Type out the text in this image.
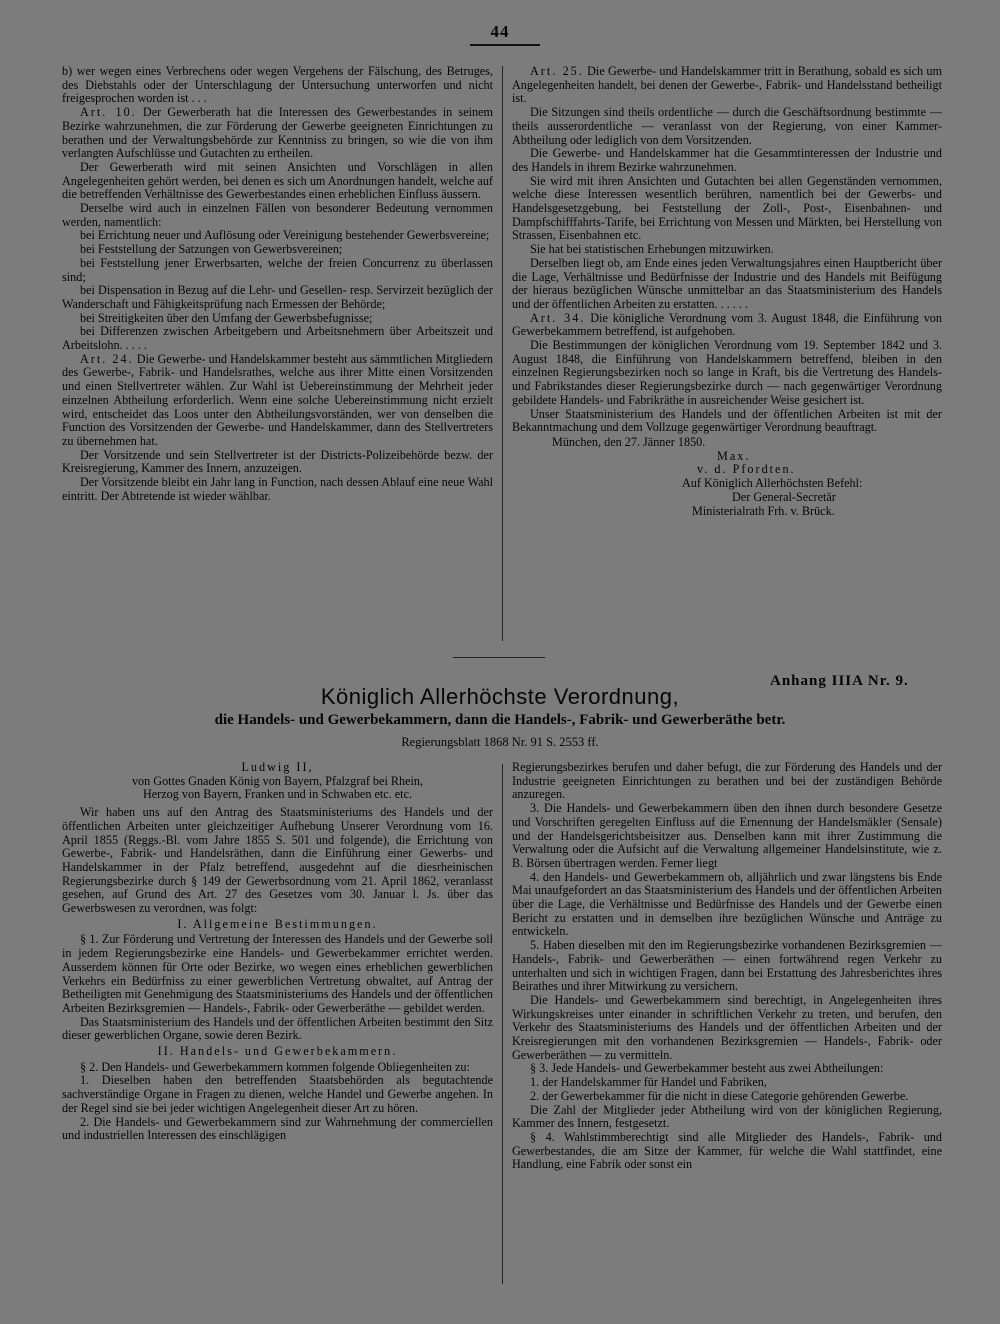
44

b) wer wegen eines Verbrechens oder wegen Vergehens der Fälschung, des Betruges, des Diebstahls oder der Unterschlagung der Untersuchung unterworfen und nicht freigesprochen worden ist . . .

Art. 10. Der Gewerberath hat die Interessen des Gewerbestandes in seinem Bezirke wahrzunehmen, die zur Förderung der Gewerbe geeigneten Einrichtungen zu berathen und der Verwaltungsbehörde zur Kenntniss zu bringen, so wie die von ihm verlangten Aufschlüsse und Gutachten zu ertheilen.

Der Gewerberath wird mit seinen Ansichten und Vorschlägen in allen Angelegenheiten gehört werden, bei denen es sich um Anordnungen handelt, welche auf die betreffenden Verhältnisse des Gewerbestandes einen erheblichen Einfluss äussern.

Derselbe wird auch in einzelnen Fällen von besonderer Bedeutung vernommen werden, namentlich:

bei Errichtung neuer und Auflösung oder Vereinigung bestehender Gewerbsvereine;

bei Feststellung der Satzungen von Gewerbsvereinen;

bei Feststellung jener Erwerbsarten, welche der freien Concurrenz zu überlassen sind;

bei Dispensation in Bezug auf die Lehr- und Gesellen- resp. Servirzeit bezüglich der Wanderschaft und Fähigkeitsprüfung nach Ermessen der Behörde;

bei Streitigkeiten über den Umfang der Gewerbsbefugnisse;

bei Differenzen zwischen Arbeitgebern und Arbeitsnehmern über Arbeitszeit und Arbeitslohn. . . . .

Art. 24. Die Gewerbe- und Handelskammer besteht aus sämmtlichen Mitgliedern des Gewerbe-, Fabrik- und Handelsrathes, welche aus ihrer Mitte einen Vorsitzenden und einen Stellvertreter wählen. Zur Wahl ist Uebereinstimmung der Mehrheit jeder einzelnen Abtheilung erforderlich. Wenn eine solche Uebereinstimmung nicht erzielt wird, entscheidet das Loos unter den Abtheilungsvorständen, wer von denselben die Function des Vorsitzenden der Gewerbe- und Handelskammer, dann des Stellvertreters zu übernehmen hat.

Der Vorsitzende und sein Stellvertreter ist der Districts-Polizeibehörde bezw. der Kreisregierung, Kammer des Innern, anzuzeigen.

Der Vorsitzende bleibt ein Jahr lang in Function, nach dessen Ablauf eine neue Wahl eintritt. Der Abtretende ist wieder wählbar.

Art. 25. Die Gewerbe- und Handelskammer tritt in Berathung, sobald es sich um Angelegenheiten handelt, bei denen der Gewerbe-, Fabrik- und Handelsstand betheiligt ist.

Die Sitzungen sind theils ordentliche — durch die Geschäftsordnung bestimmte — theils ausserordentliche — veranlasst von der Regierung, von einer Kammer-Abtheilung oder lediglich von dem Vorsitzenden.

Die Gewerbe- und Handelskammer hat die Gesammtinteressen der Industrie und des Handels in ihrem Bezirke wahrzunehmen.

Sie wird mit ihren Ansichten und Gutachten bei allen Gegenständen vernommen, welche diese Interessen wesentlich berühren, namentlich bei der Gewerbs- und Handelsgesetzgebung, bei Feststellung der Zoll-, Post-, Eisenbahnen- und Dampfschifffahrts-Tarife, bei Errichtung von Messen und Märkten, bei Herstellung von Strassen, Eisenbahnen etc.

Sie hat bei statistischen Erhebungen mitzuwirken.

Derselben liegt ob, am Ende eines jeden Verwaltungsjahres einen Hauptbericht über die Lage, Verhältnisse und Bedürfnisse der Industrie und des Handels mit Beifügung der hieraus bezüglichen Wünsche unmittelbar an das Staatsministerium des Handels und der öffentlichen Arbeiten zu erstatten. . . . . .

Art. 34. Die königliche Verordnung vom 3. August 1848, die Einführung von Gewerbekammern betreffend, ist aufgehoben.

Die Bestimmungen der königlichen Verordnung vom 19. September 1842 und 3. August 1848, die Einführung von Handelskammern betreffend, bleiben in den einzelnen Regierungsbezirken noch so lange in Kraft, bis die Vertretung des Handels- und Fabrikstandes dieser Regierungsbezirke durch — nach gegenwärtiger Verordnung gebildete Handels- und Fabrikräthe in ausreichender Weise gesichert ist.

Unser Staatsministerium des Handels und der öffentlichen Arbeiten ist mit der Bekanntmachung und dem Vollzuge gegenwärtiger Verordnung beauftragt.

München, den 27. Jänner 1850.

Max.

v. d. Pfordten.

Auf Königlich Allerhöchsten Befehl:

Der General-Secretär

Ministerialrath Frh. v. Brück.

Anhang IIIA Nr. 9.
Königlich Allerhöchste Verordnung,
die Handels- und Gewerbekammern, dann die Handels-, Fabrik- und Gewerberäthe betr.
Regierungsblatt 1868 Nr. 91 S. 2553 ff.

Ludwig II,

von Gottes Gnaden König von Bayern, Pfalzgraf bei Rhein,

Herzog von Bayern, Franken und in Schwaben etc. etc.

Wir haben uns auf den Antrag des Staatsministeriums des Handels und der öffentlichen Arbeiten unter gleichzeitiger Aufhebung Unserer Verordnung vom 16. April 1855 (Reggs.-Bl. vom Jahre 1855 S. 501 und folgende), die Errichtung von Gewerbe-, Fabrik- und Handelsräthen, dann die Einführung einer Gewerbs- und Handelskammer in der Pfalz betreffend, ausgedehnt auf die diesrheinischen Regierungsbezirke durch § 149 der Gewerbsordnung vom 21. April 1862, veranlasst gesehen, auf Grund des Art. 27 des Gesetzes vom 30. Januar l. Js. über das Gewerbswesen zu verordnen, was folgt:

I. Allgemeine Bestimmungen.

§ 1. Zur Förderung und Vertretung der Interessen des Handels und der Gewerbe soll in jedem Regierungsbezirke eine Handels- und Gewerbekammer errichtet werden. Ausserdem können für Orte oder Bezirke, wo wegen eines erheblichen gewerblichen Verkehrs ein Bedürfniss zu einer gewerblichen Vertretung obwaltet, auf Antrag der Betheiligten mit Genehmigung des Staatsministeriums des Handels und der öffentlichen Arbeiten Bezirksgremien — Handels-, Fabrik- oder Gewerberäthe — gebildet werden.

Das Staatsministerium des Handels und der öffentlichen Arbeiten bestimmt den Sitz dieser gewerblichen Organe, sowie deren Bezirk.

II. Handels- und Gewerbekammern.

§ 2. Den Handels- und Gewerbekammern kommen folgende Obliegenheiten zu:

1. Dieselben haben den betreffenden Staatsbehörden als begutachtende sachverständige Organe in Fragen zu dienen, welche Handel und Gewerbe angehen. In der Regel sind sie bei jeder wichtigen Angelegenheit dieser Art zu hören.

2. Die Handels- und Gewerbekammern sind zur Wahrnehmung der commerciellen und industriellen Interessen des einschlägigen

Regierungsbezirkes berufen und daher befugt, die zur Förderung des Handels und der Industrie geeigneten Einrichtungen zu berathen und bei der zuständigen Behörde anzuregen.

3. Die Handels- und Gewerbekammern üben den ihnen durch besondere Gesetze und Vorschriften geregelten Einfluss auf die Ernennung der Handelsmäkler (Sensale) und der Handelsgerichtsbeisitzer aus. Denselben kann mit ihrer Zustimmung die Verwaltung oder die Aufsicht auf die Verwaltung allgemeiner Handelsinstitute, wie z. B. Börsen übertragen werden. Ferner liegt

4. den Handels- und Gewerbekammern ob, alljährlich und zwar längstens bis Ende Mai unaufgefordert an das Staatsministerium des Handels und der öffentlichen Arbeiten über die Lage, die Verhältnisse und Bedürfnisse des Handels und der Gewerbe einen Bericht zu erstatten und in demselben ihre bezüglichen Wünsche und Anträge zu entwickeln.

5. Haben dieselben mit den im Regierungsbezirke vorhandenen Bezirksgremien — Handels-, Fabrik- und Gewerberäthen — einen fortwährend regen Verkehr zu unterhalten und sich in wichtigen Fragen, dann bei Erstattung des Jahresberichtes ihres Beirathes und ihrer Mitwirkung zu versichern.

Die Handels- und Gewerbekammern sind berechtigt, in Angelegenheiten ihres Wirkungskreises unter einander in schriftlichen Verkehr zu treten, und berufen, den Verkehr des Staatsministeriums des Handels und der öffentlichen Arbeiten und der Kreisregierungen mit den vorhandenen Bezirksgremien — Handels-, Fabrik- oder Gewerberäthen — zu vermitteln.

§ 3. Jede Handels- und Gewerbekammer besteht aus zwei Abtheilungen:

1. der Handelskammer für Handel und Fabriken,

2. der Gewerbekammer für die nicht in diese Categorie gehörenden Gewerbe.

Die Zahl der Mitglieder jeder Abtheilung wird von der königlichen Regierung, Kammer des Innern, festgesetzt.

§ 4. Wahlstimmberechtigt sind alle Mitglieder des Handels-, Fabrik- und Gewerbestandes, die am Sitze der Kammer, für welche die Wahl stattfindet, eine Handlung, eine Fabrik oder sonst ein
